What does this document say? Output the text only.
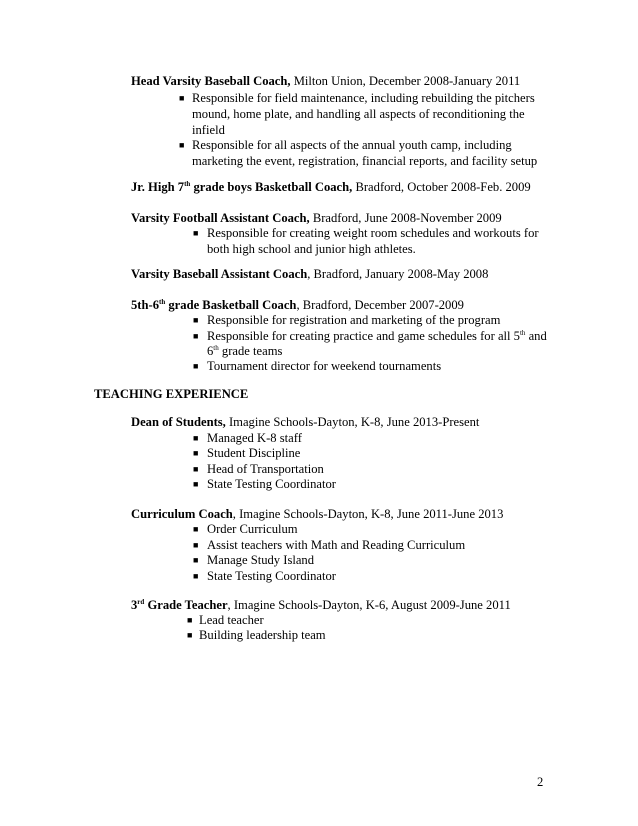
Head Varsity Baseball Coach, Milton Union, December 2008-January 2011
■ Responsible for field maintenance, including rebuilding the pitchers
mound, home plate, and handling all aspects of reconditioning the
infield
■ Responsible for all aspects of the annual youth camp, including
marketing the event, registration, financial reports, and facility setup
Jr. High 7th grade boys Basketball Coach, Bradford, October 2008-Feb. 2009
Varsity Football Assistant Coach, Bradford, June 2008-November 2009
■ Responsible for creating weight room schedules and workouts for
both high school and junior high athletes.
Varsity Baseball Assistant Coach, Bradford, January 2008-May 2008
5th-6th grade Basketball Coach, Bradford, December 2007-2009
■ Responsible for registration and marketing of the program
■ Responsible for creating practice and game schedules for all 5th and
6th grade teams
■ Tournament director for weekend tournaments
TEACHING EXPERIENCE
Dean of Students, Imagine Schools-Dayton, K-8, June 2013-Present
■ Managed K-8 staff
■ Student Discipline
■ Head of Transportation
■ State Testing Coordinator
Curriculum Coach, Imagine Schools-Dayton, K-8, June 2011-June 2013
■ Order Curriculum
■ Assist teachers with Math and Reading Curriculum
■ Manage Study Island
■ State Testing Coordinator
3rd Grade Teacher, Imagine Schools-Dayton, K-6, August 2009-June 2011
■ Lead teacher
■ Building leadership team
2
